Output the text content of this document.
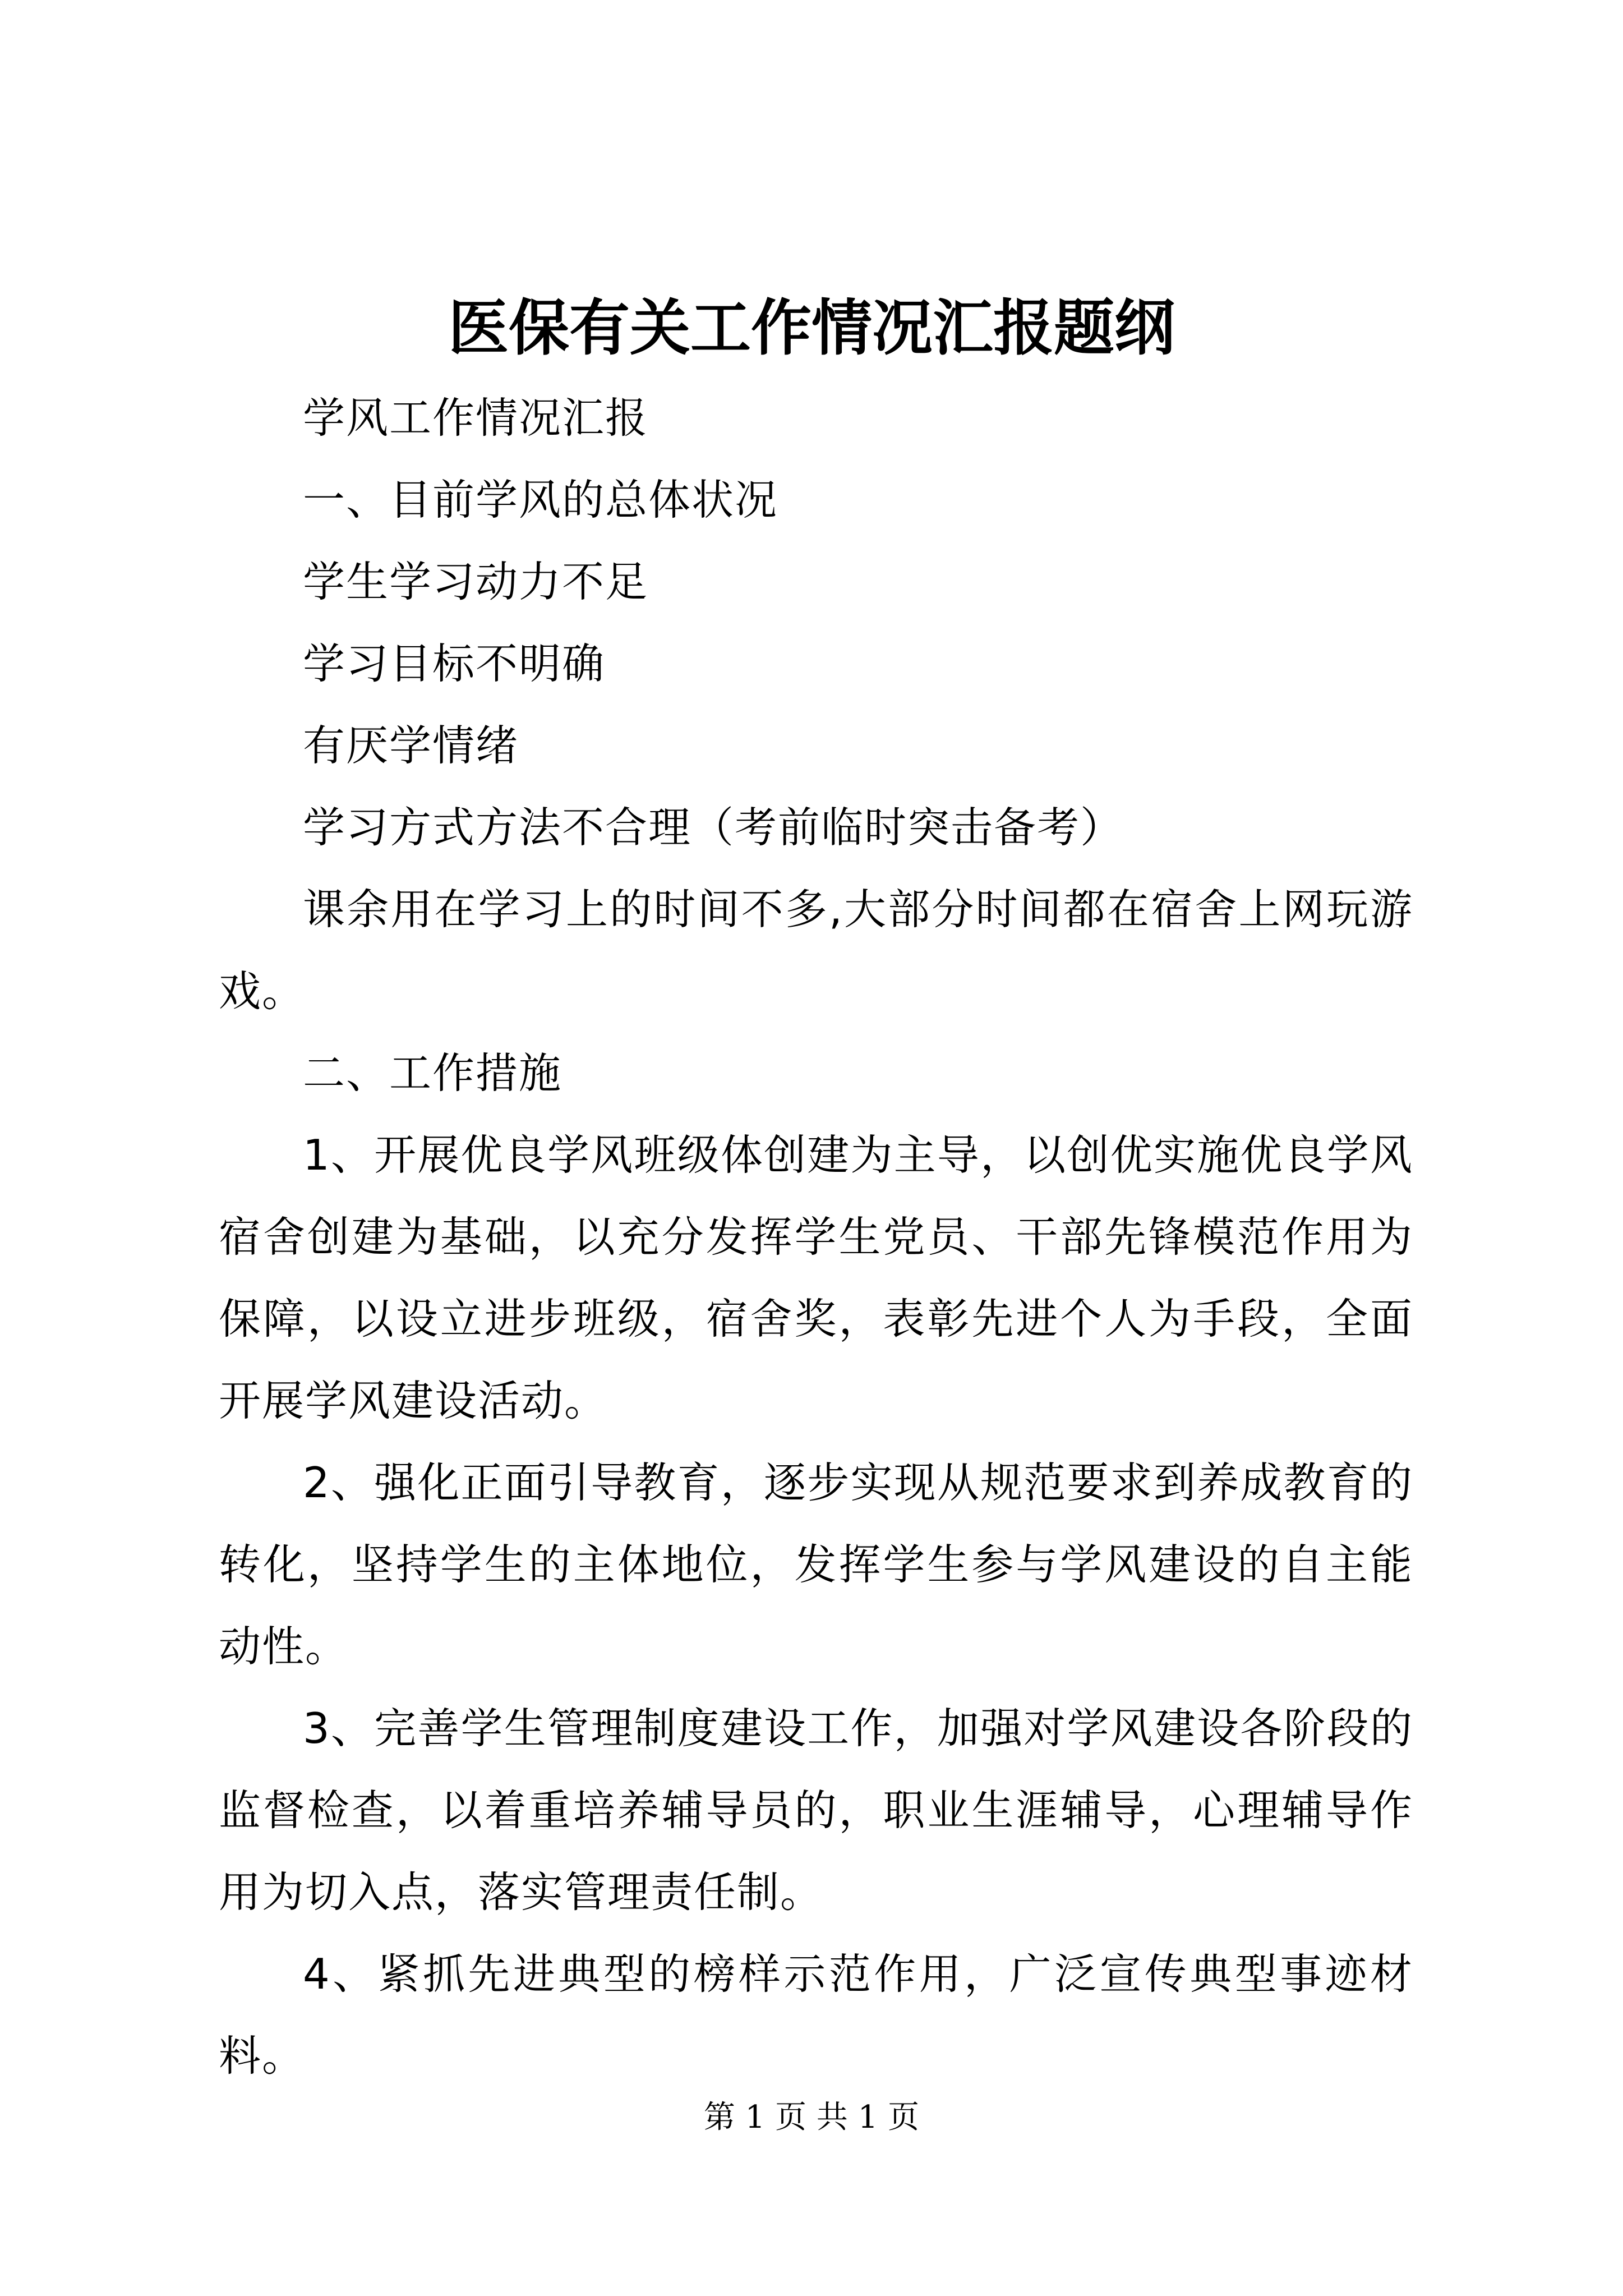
医保有关工作情况汇报题纲

学风工作情况汇报

一、目前学风的总体状况

学生学习动力不足

学习目标不明确

有厌学情绪

学习方式方法不合理（考前临时突击备考）

课余用在学习上的时间不多,大部分时间都在宿舍上网玩游戏。

二、工作措施

1、开展优良学风班级体创建为主导，以创优实施优良学风宿舍创建为基础，以充分发挥学生党员、干部先锋模范作用为保障，以设立进步班级，宿舍奖，表彰先进个人为手段，全面开展学风建设活动。

2、强化正面引导教育，逐步实现从规范要求到养成教育的转化，坚持学生的主体地位，发挥学生参与学风建设的自主能动性。

3、完善学生管理制度建设工作，加强对学风建设各阶段的监督检查，以着重培养辅导员的，职业生涯辅导，心理辅导作用为切入点，落实管理责任制。

4、紧抓先进典型的榜样示范作用，广泛宣传典型事迹材料。

第 1 页 共 1 页
